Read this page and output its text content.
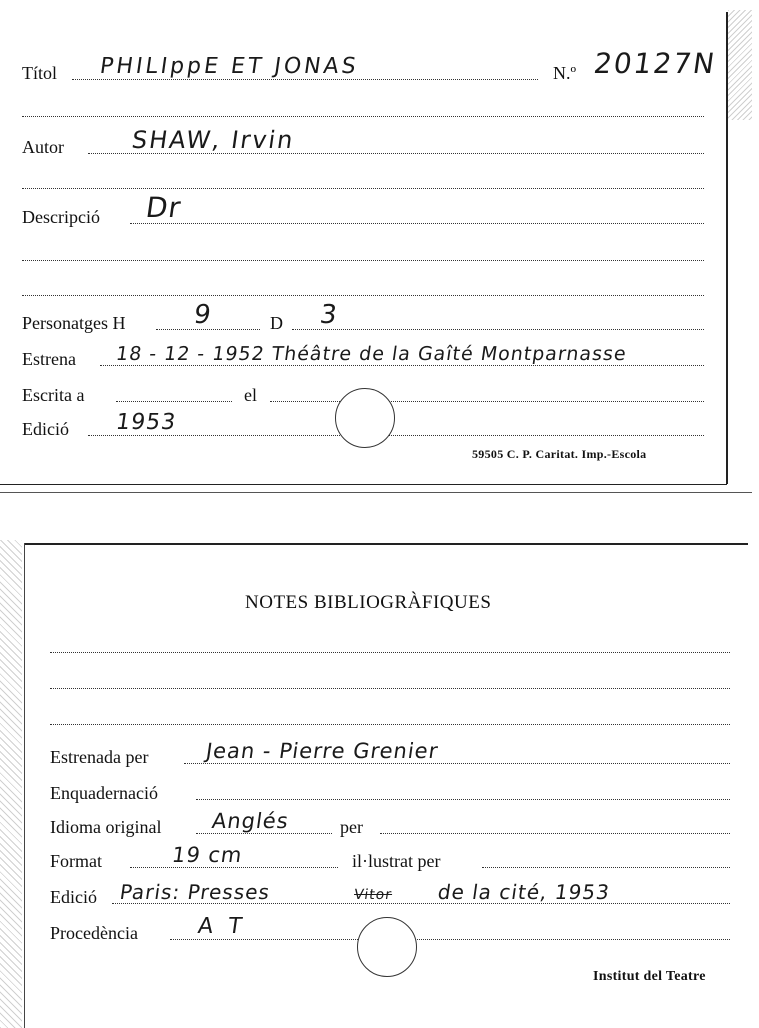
Títol PHILIppE ET JONAS	N.º 20127N
Autor	SHAW, Irvin
Descripció Dr
Personatges H	9	D 3
Estrena 18 - 12 - 1952 Théâtre de la Gaîté Montparnasse
Escrita a	el
Edició 1953
59505 C. P. Caritat. Imp.-Escola
NOTES BIBLIOGRÀFIQUES
Estrenada per	Jean - Pierre Grenier
Enquadernació
Idioma original Anglés	per
Format	19 cm	il·lustrat per
Edició Paris: Presses	Vitor de la cité, 1953
Procedència	A T
Institut del Teatre
